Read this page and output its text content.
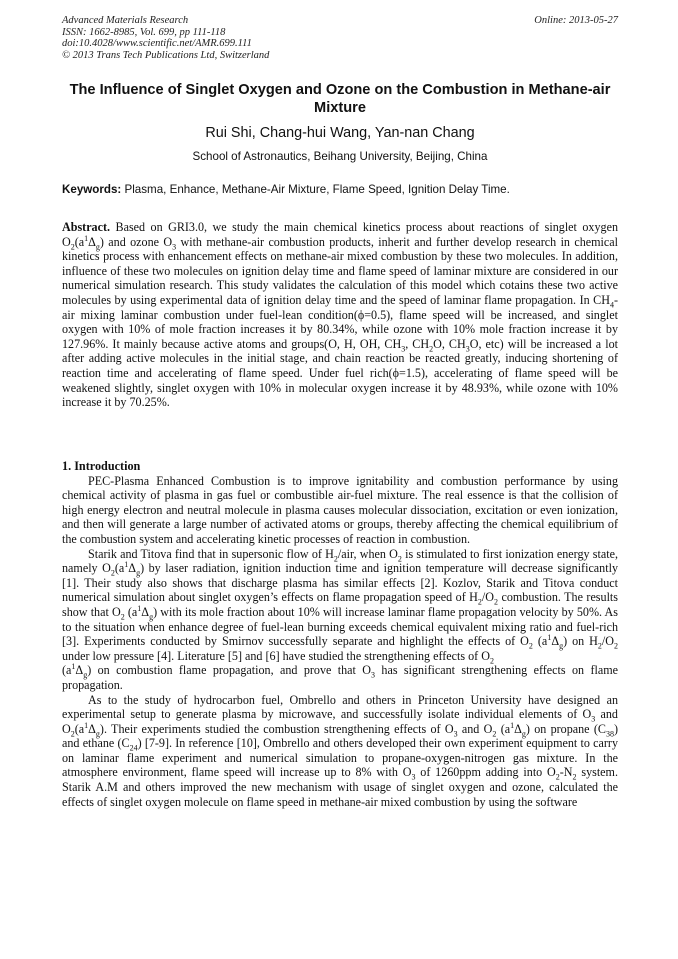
Advanced Materials Research
ISSN: 1662-8985, Vol. 699, pp 111-118
doi:10.4028/www.scientific.net/AMR.699.111
© 2013 Trans Tech Publications Ltd, Switzerland
Online: 2013-05-27
The Influence of Singlet Oxygen and Ozone on the Combustion in Methane-air Mixture
Rui Shi, Chang-hui Wang, Yan-nan Chang
School of Astronautics, Beihang University, Beijing, China
Keywords: Plasma, Enhance, Methane-Air Mixture, Flame Speed, Ignition Delay Time.

Abstract. Based on GRI3.0, we study the main chemical kinetics process about reactions of singlet oxygen $O_2(a^1\Delta_g)$ and ozone $O_3$ with methane-air combustion products, inherit and further develop research in chemical kinetics process with enhancement effects on methane-air mixed combustion by these two molecules. In addition, influence of these two molecules on ignition delay time and flame speed of laminar mixture are considered in our numerical simulation research. This study validates the calculation of this model which cotains these two active molecules by using experimental data of ignition delay time and the speed of laminar flame propagation. In $CH_4$-air mixing laminar combustion under fuel-lean condition(ϕ=0.5), flame speed will be increased, and singlet oxygen with 10% of mole fraction increases it by 80.34%, while ozone with 10% mole fraction increase it by 127.96%. It mainly because active atoms and groups(O, H, OH, $CH_3$, $CH_2O$, $CH_3O$, etc) will be increased a lot after adding active molecules in the initial stage, and chain reaction be reacted greatly, inducing shortening of reaction time and accelerating of flame speed. Under fuel rich(ϕ=1.5), accelerating of flame speed will be weakened slightly, singlet oxygen with 10% in molecular oxygen increase it by 48.93%, while ozone with 10% increase it by 70.25%.

1. Introduction

PEC-Plasma Enhanced Combustion is to improve ignitability and combustion performance by using chemical activity of plasma in gas fuel or combustible air-fuel mixture. The real essence is that the collision of high energy electron and neutral molecule in plasma causes molecular dissociation, excitation or even ionization, and then will generate a large number of activated atoms or groups, thereby affecting the chemical equilibrium of the combustion system and accelerating kinetic processes of reaction in combustion.

Starik and Titova find that in supersonic flow of $H_2$/air, when $O_2$ is stimulated to first ionization energy state, namely $O_2(a^1\Delta_g)$ by laser radiation, ignition induction time and ignition temperature will decrease significantly [1]. Their study also shows that discharge plasma has similar effects [2]. Kozlov, Starik and Titova conduct numerical simulation about singlet oxygen’s effects on flame propagation speed of $H_2/O_2$ combustion. The results show that $O_2$ $(a^1\Delta_g)$ with its mole fraction about 10% will increase laminar flame propagation velocity by 50%. As to the situation when enhance degree of fuel-lean burning exceeds chemical equivalent mixing ratio and fuel-rich [3]. Experiments conducted by Smirnov successfully separate and highlight the effects of $O_2$ $(a^1\Delta_g)$ on $H_2/O_2$ under low pressure [4]. Literature [5] and [6] have studied the strengthening effects of $O_2$
$(a^1\Delta_g)$ on combustion flame propagation, and prove that $O_3$ has significant strengthening effects on flame propagation.

As to the study of hydrocarbon fuel, Ombrello and others in Princeton University have designed an experimental setup to generate plasma by microwave, and successfully isolate individual elements of $O_3$ and $O_2(a^1\Delta_g)$. Their experiments studied the combustion strengthening effects of $O_3$ and $O_2$ $(a^1\Delta_g)$ on propane $(C_{38})$ and ethane $(C_{24})$ [7-9]. In reference [10], Ombrello and others developed their own experiment equipment to carry on laminar flame experiment and numerical simulation to propane-oxygen-nitrogen gas mixture. In the atmosphere environment, flame speed will increase up to 8% with $O_3$ of 1260ppm adding into $O_2-N_2$ system. Starik A.M and others improved the new mechanism with usage of singlet oxygen and ozone, calculated the effects of singlet oxygen molecule on flame speed in methane-air mixed combustion by using the software
